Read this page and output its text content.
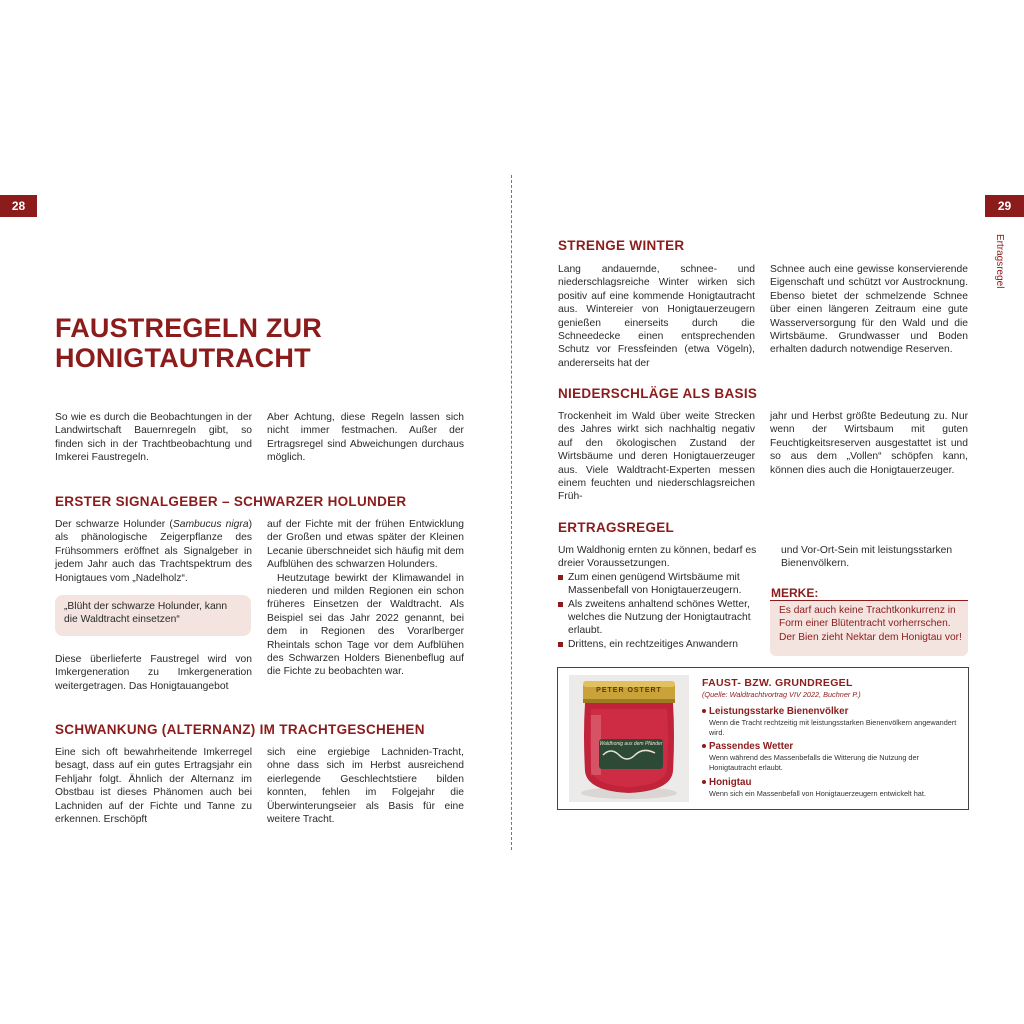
28
FAUSTREGELN ZUR
HONIGTAUTRACHT

So wie es durch die Beobachtungen in der Landwirtschaft Bauernregeln gibt, so finden sich in der Trachtbeobachtung und Imkerei Faustregeln.

Aber Achtung, diese Regeln lassen sich nicht immer festmachen. Außer der Ertragsregel sind Abweichungen durchaus möglich.

ERSTER SIGNALGEBER – SCHWARZER HOLUNDER

Der schwarze Holunder (Sambucus nigra) als phänologische Zeigerpflanze des Frühsommers eröffnet als Signalgeber in jedem Jahr auch das Trachtspektrum des Honigtaues vom „Nadelholz“.

„Blüht der schwarze Holunder, kann die Waldtracht einsetzen“

Diese überlieferte Faustregel wird von Imkergeneration zu Imkergeneration weitergetragen. Das Honigtauangebot

auf der Fichte mit der frühen Entwicklung der Großen und etwas später der Kleinen Lecanie überschneidet sich häufig mit dem Aufblühen des schwarzen Holunders.

Heutzutage bewirkt der Klimawandel in niederen und milden Regionen ein schon früheres Einsetzen der Waldtracht. Als Beispiel sei das Jahr 2022 genannt, bei dem in Regionen des Vorarlberger Rheintals schon Tage vor dem Aufblühen des Schwarzen Holders Bienenbeflug auf die Fichte zu beobachten war.

SCHWANKUNG (ALTERNANZ) IM TRACHTGESCHEHEN

Eine sich oft bewahrheitende Imkerregel besagt, dass auf ein gutes Ertragsjahr ein Fehljahr folgt. Ähnlich der Alternanz im Obstbau ist dieses Phänomen auch bei Lachniden auf der Fichte und Tanne zu erkennen. Erschöpft

sich eine ergiebige Lachniden-Tracht, ohne dass sich im Herbst ausreichend eierlegende Geschlechtstiere bilden konnten, fehlen im Folgejahr die Überwinterungseier als Basis für eine weitere Tracht.

29
Ertragsregel
STRENGE WINTER

Lang andauernde, schnee- und niederschlagsreiche Winter wirken sich positiv auf eine kommende Honigtautracht aus. Wintereier von Honigtauerzeugern genießen einerseits durch die Schneedecke einen entsprechenden Schutz vor Fressfeinden (etwa Vögeln), andererseits hat der

Schnee auch eine gewisse konservierende Eigenschaft und schützt vor Austrocknung. Ebenso bietet der schmelzende Schnee über einen längeren Zeitraum eine gute Wasserversorgung für den Wald und die Wirtsbäume. Grundwasser und Boden erhalten dadurch notwendige Reserven.

NIEDERSCHLÄGE ALS BASIS

Trockenheit im Wald über weite Strecken des Jahres wirkt sich nachhaltig negativ auf den ökologischen Zustand der Wirtsbäume und deren Honigtauerzeuger aus. Viele Waldtracht-Experten messen einem feuchten und niederschlagsreichen Früh-

jahr und Herbst größte Bedeutung zu. Nur wenn der Wirtsbaum mit guten Feuchtigkeitsreserven ausgestattet ist und so aus dem „Vollen“ schöpfen kann, können dies auch die Honigtauerzeuger.

ERTRAGSREGEL

Um Waldhonig ernten zu können, bedarf es dreier Voraussetzungen.

Zum einen genügend Wirtsbäume mit Massenbefall von Honigtauerzeugern.
Als zweitens anhaltend schönes Wetter, welches die Nutzung der Honigtautracht erlaubt.
Drittens, ein rechtzeitiges Anwandern

und Vor-Ort-Sein mit leistungsstarken Bienenvölkern.

MERKE:
Es darf auch keine Trachtkonkurrenz in Form einer Blütentracht vorherrschen. Der Bien zieht Nektar dem Honigtau vor!
PETER OSTERT
Waldhonig aus dem Pfänder
FAUST- BZW. GRUNDREGEL
(Quelle: Waldtrachtvortrag VIV 2022, Buchner P.)
Leistungsstarke Bienenvölker
Wenn die Tracht rechtzeitig mit leistungsstarken Bienenvölkern angewandert wird.
Passendes Wetter
Wenn während des Massenbefalls die Witterung die Nutzung der Honigtautracht erlaubt.
Honigtau
Wenn sich ein Massenbefall von Honigtauerzeugern entwickelt hat.
